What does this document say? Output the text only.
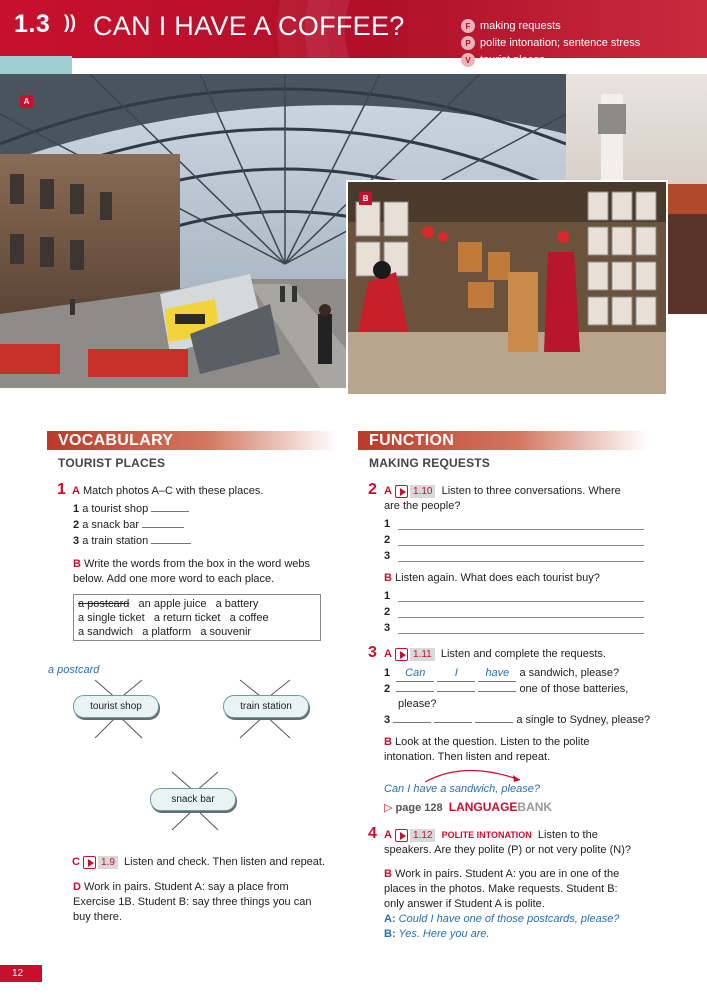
1.3 )) CAN I HAVE A COFFEE?	F making requests
P polite intonation; sentence stress
V tourist places
A
B
VOCABULARY
TOURIST PLACES
1 A Match photos A–C with these places.
1 a tourist shop
2 a snack bar
3 a train station
B Write the words from the box in the word webs
below. Add one more word to each place.
a postcard an apple juice a battery
a single ticket a return ticket a coffee
a sandwich a platform a souvenir
a postcard
tourist shop	train station
snack bar
C	1.9 Listen and check. Then listen and repeat.
D Work in pairs. Student A: say a place from
Exercise 1B. Student B: say three things you can
buy there.
FUNCTION
MAKING REQUESTS
2 A	1.10 Listen to three conversations. Where
are the people?
1
2
3
B Listen again. What does each tourist buy?
1
2
3
3 A	1.11 Listen and complete the requests.
1 Can	I	have a sandwich, please?
2	one of those batteries,
please?
3	a single to Sydney, please?
B Look at the question. Listen to the polite
intonation. Then listen and repeat.
Can I have a sandwich, please?
▷ page 128 LANGUAGEBANK
4 A	1.12	POLITE INTONATION Listen to the
speakers. Are they polite (P) or not very polite (N)?
B Work in pairs. Student A: you are in one of the
places in the photos. Make requests. Student B:
only answer if Student A is polite.
A: Could I have one of those postcards, please?
B: Yes. Here you are.
12
